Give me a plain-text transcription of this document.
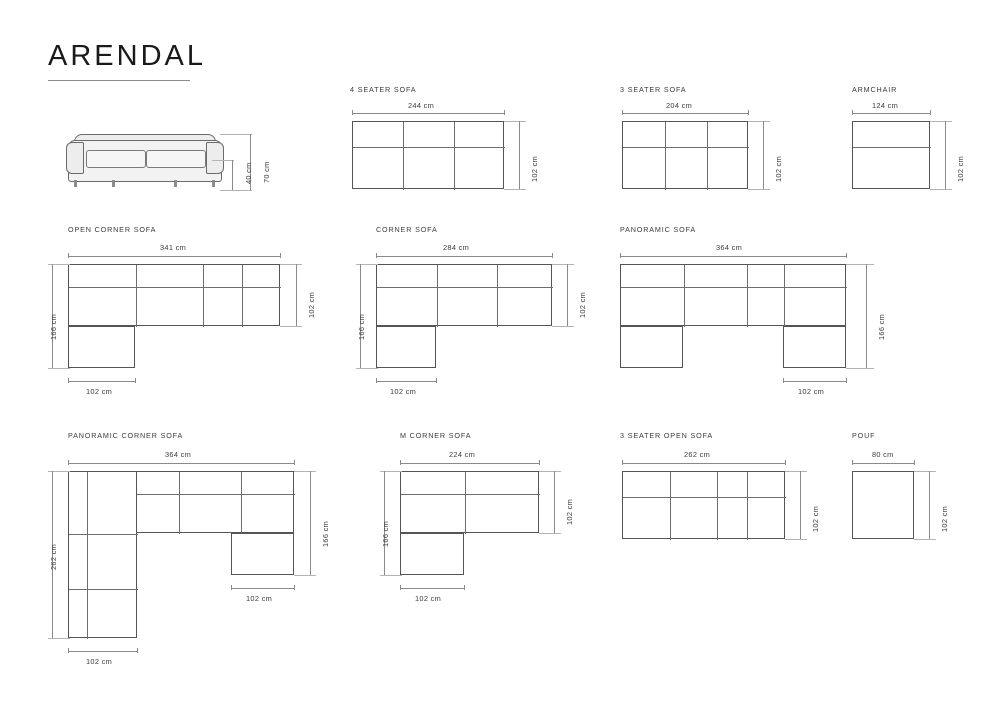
ARENDAL
70 cm
40 cm
4 SEATER SOFA
244 cm
102 cm
3 SEATER SOFA
204 cm
102 cm
ARMCHAIR
124 cm
102 cm
OPEN CORNER SOFA
341 cm
102 cm
166 cm
102 cm
CORNER SOFA
284 cm
102 cm
166 cm
102 cm
PANORAMIC SOFA
364 cm
166 cm
102 cm
PANORAMIC CORNER SOFA
364 cm
262 cm
166 cm
102 cm
102 cm
M CORNER SOFA
224 cm
102 cm
166 cm
102 cm
3 SEATER OPEN SOFA
262 cm
102 cm
POUF
80 cm
102 cm
